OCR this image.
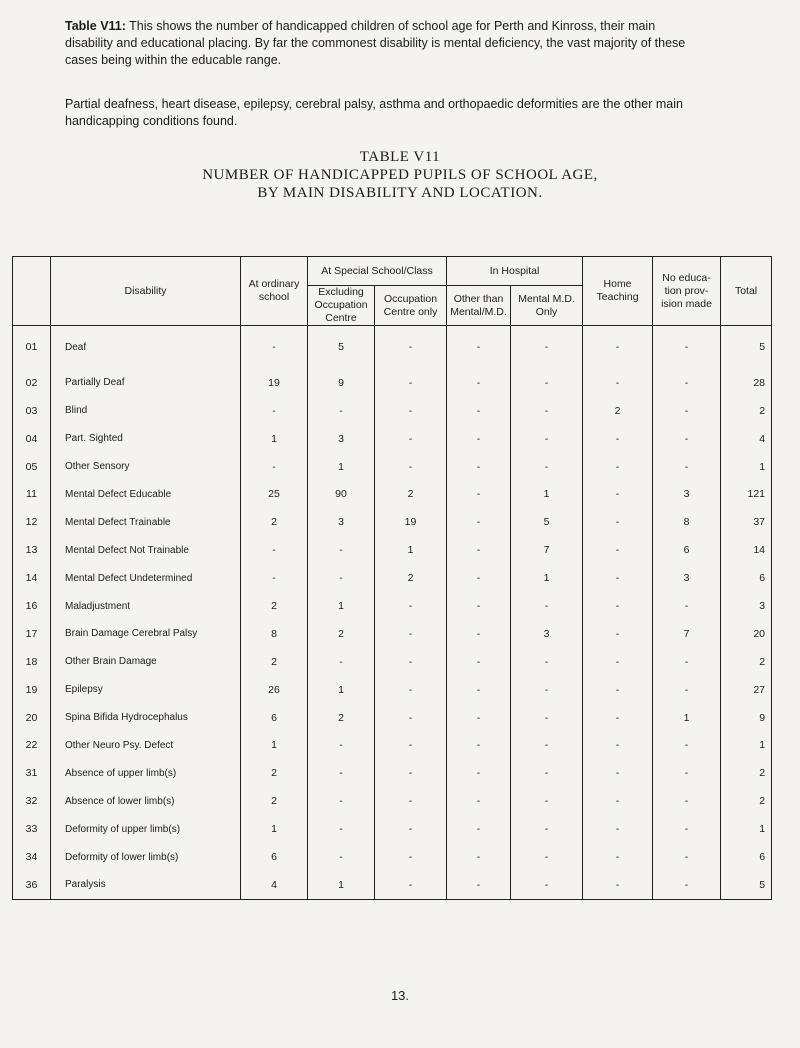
Table V11: This shows the number of handicapped children of school age for Perth and Kinross, their main disability and educational placing. By far the commonest disability is mental deficiency, the vast majority of these cases being within the educable range.

Partial deafness, heart disease, epilepsy, cerebral palsy, asthma and orthopaedic deformities are the other main handicapping conditions found.

TABLE V11
NUMBER OF HANDICAPPED PUPILS OF SCHOOL AGE,
BY MAIN DISABILITY AND LOCATION.
	Disability	At ordinary school	At Special School/Class		In Hospital		Home Teaching	No educa- tion prov- ision made	Total
			Excluding Occupation Centre	Occupation Centre only	Other than Mental/M.D.	Mental M.D. Only			
01	Deaf	-	5	-	-	-	-	-	5
02	Partially Deaf	19	9	-	-	-	-	-	28
03	Blind	-	-	-	-	-	2	-	2
04	Part. Sighted	1	3	-	-	-	-	-	4
05	Other Sensory	-	1	-	-	-	-	-	1
11	Mental Defect Educable	25	90	2	-	1	-	3	121
12	Mental Defect Trainable	2	3	19	-	5	-	8	37
13	Mental Defect Not Trainable	-	-	1	-	7	-	6	14
14	Mental Defect Undetermined	-	-	2	-	1	-	3	6
16	Maladjustment	2	1	-	-	-	-	-	3
17	Brain Damage Cerebral Palsy	8	2	-	-	3	-	7	20
18	Other Brain Damage	2	-	-	-	-	-	-	2
19	Epilepsy	26	1	-	-	-	-	-	27
20	Spina Bifida Hydrocephalus	6	2	-	-	-	-	1	9
22	Other Neuro Psy. Defect	1	-	-	-	-	-	-	1
31	Absence of upper limb(s)	2	-	-	-	-	-	-	2
32	Absence of lower limb(s)	2	-	-	-	-	-	-	2
33	Deformity of upper limb(s)	1	-	-	-	-	-	-	1
34	Deformity of lower limb(s)	6	-	-	-	-	-	-	6
36	Paralysis	4	1	-	-	-	-	-	5
13.
